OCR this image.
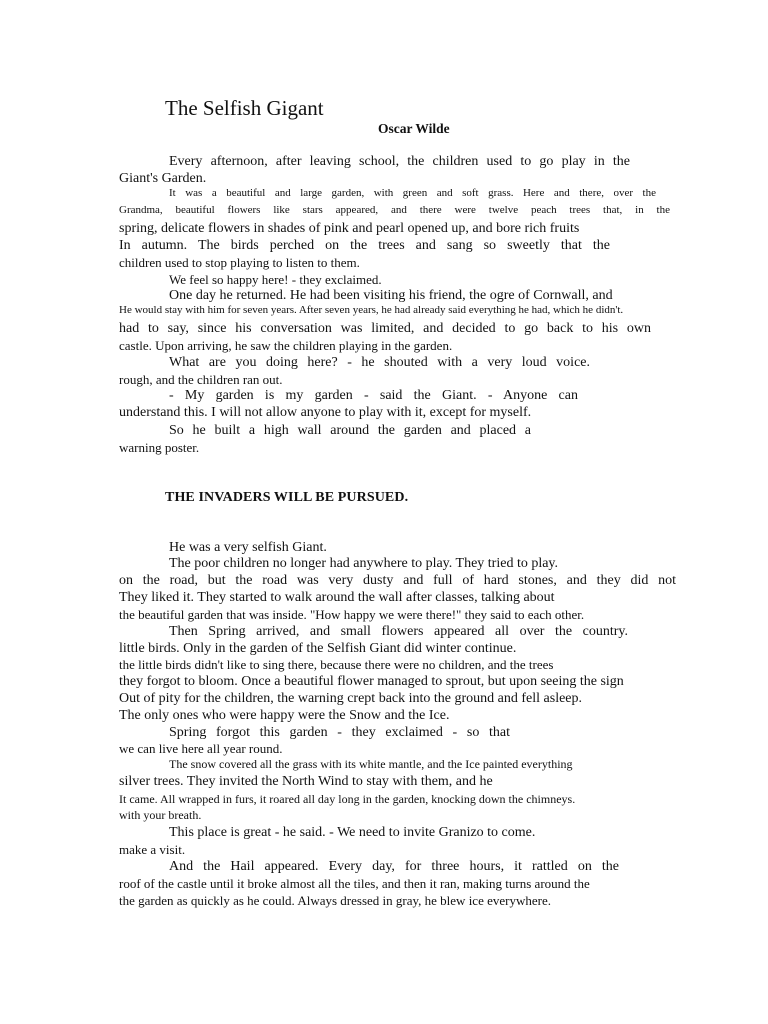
The Selfish Gigant
Oscar Wilde
Every afternoon, after leaving school, the children used to go play in the
Giant's Garden.
It was a beautiful and large garden, with green and soft grass. Here and there, over the
Grandma, beautiful flowers like stars appeared, and there were twelve peach trees that, in the
spring, delicate flowers in shades of pink and pearl opened up, and bore rich fruits
In autumn. The birds perched on the trees and sang so sweetly that the
children used to stop playing to listen to them.
We feel so happy here! - they exclaimed.
One day he returned. He had been visiting his friend, the ogre of Cornwall, and
He would stay with him for seven years. After seven years, he had already said everything he had, which he didn't.
had to say, since his conversation was limited, and decided to go back to his own
castle. Upon arriving, he saw the children playing in the garden.
What are you doing here? - he shouted with a very loud voice.
rough, and the children ran out.
- My garden is my garden - said the Giant. - Anyone can
understand this. I will not allow anyone to play with it, except for myself.
So he built a high wall around the garden and placed a
warning poster.
THE INVADERS WILL BE PURSUED.
He was a very selfish Giant.
The poor children no longer had anywhere to play. They tried to play.
on the road, but the road was very dusty and full of hard stones, and they did not
They liked it. They started to walk around the wall after classes, talking about
the beautiful garden that was inside. "How happy we were there!" they said to each other.
Then Spring arrived, and small flowers appeared all over the country.
little birds. Only in the garden of the Selfish Giant did winter continue.
the little birds didn't like to sing there, because there were no children, and the trees
they forgot to bloom. Once a beautiful flower managed to sprout, but upon seeing the sign
Out of pity for the children, the warning crept back into the ground and fell asleep.
The only ones who were happy were the Snow and the Ice.
Spring forgot this garden - they exclaimed - so that
we can live here all year round.
The snow covered all the grass with its white mantle, and the Ice painted everything
silver trees. They invited the North Wind to stay with them, and he
It came. All wrapped in furs, it roared all day long in the garden, knocking down the chimneys.
with your breath.
This place is great - he said. - We need to invite Granizo to come.
make a visit.
And the Hail appeared. Every day, for three hours, it rattled on the
roof of the castle until it broke almost all the tiles, and then it ran, making turns around the
the garden as quickly as he could. Always dressed in gray, he blew ice everywhere.
